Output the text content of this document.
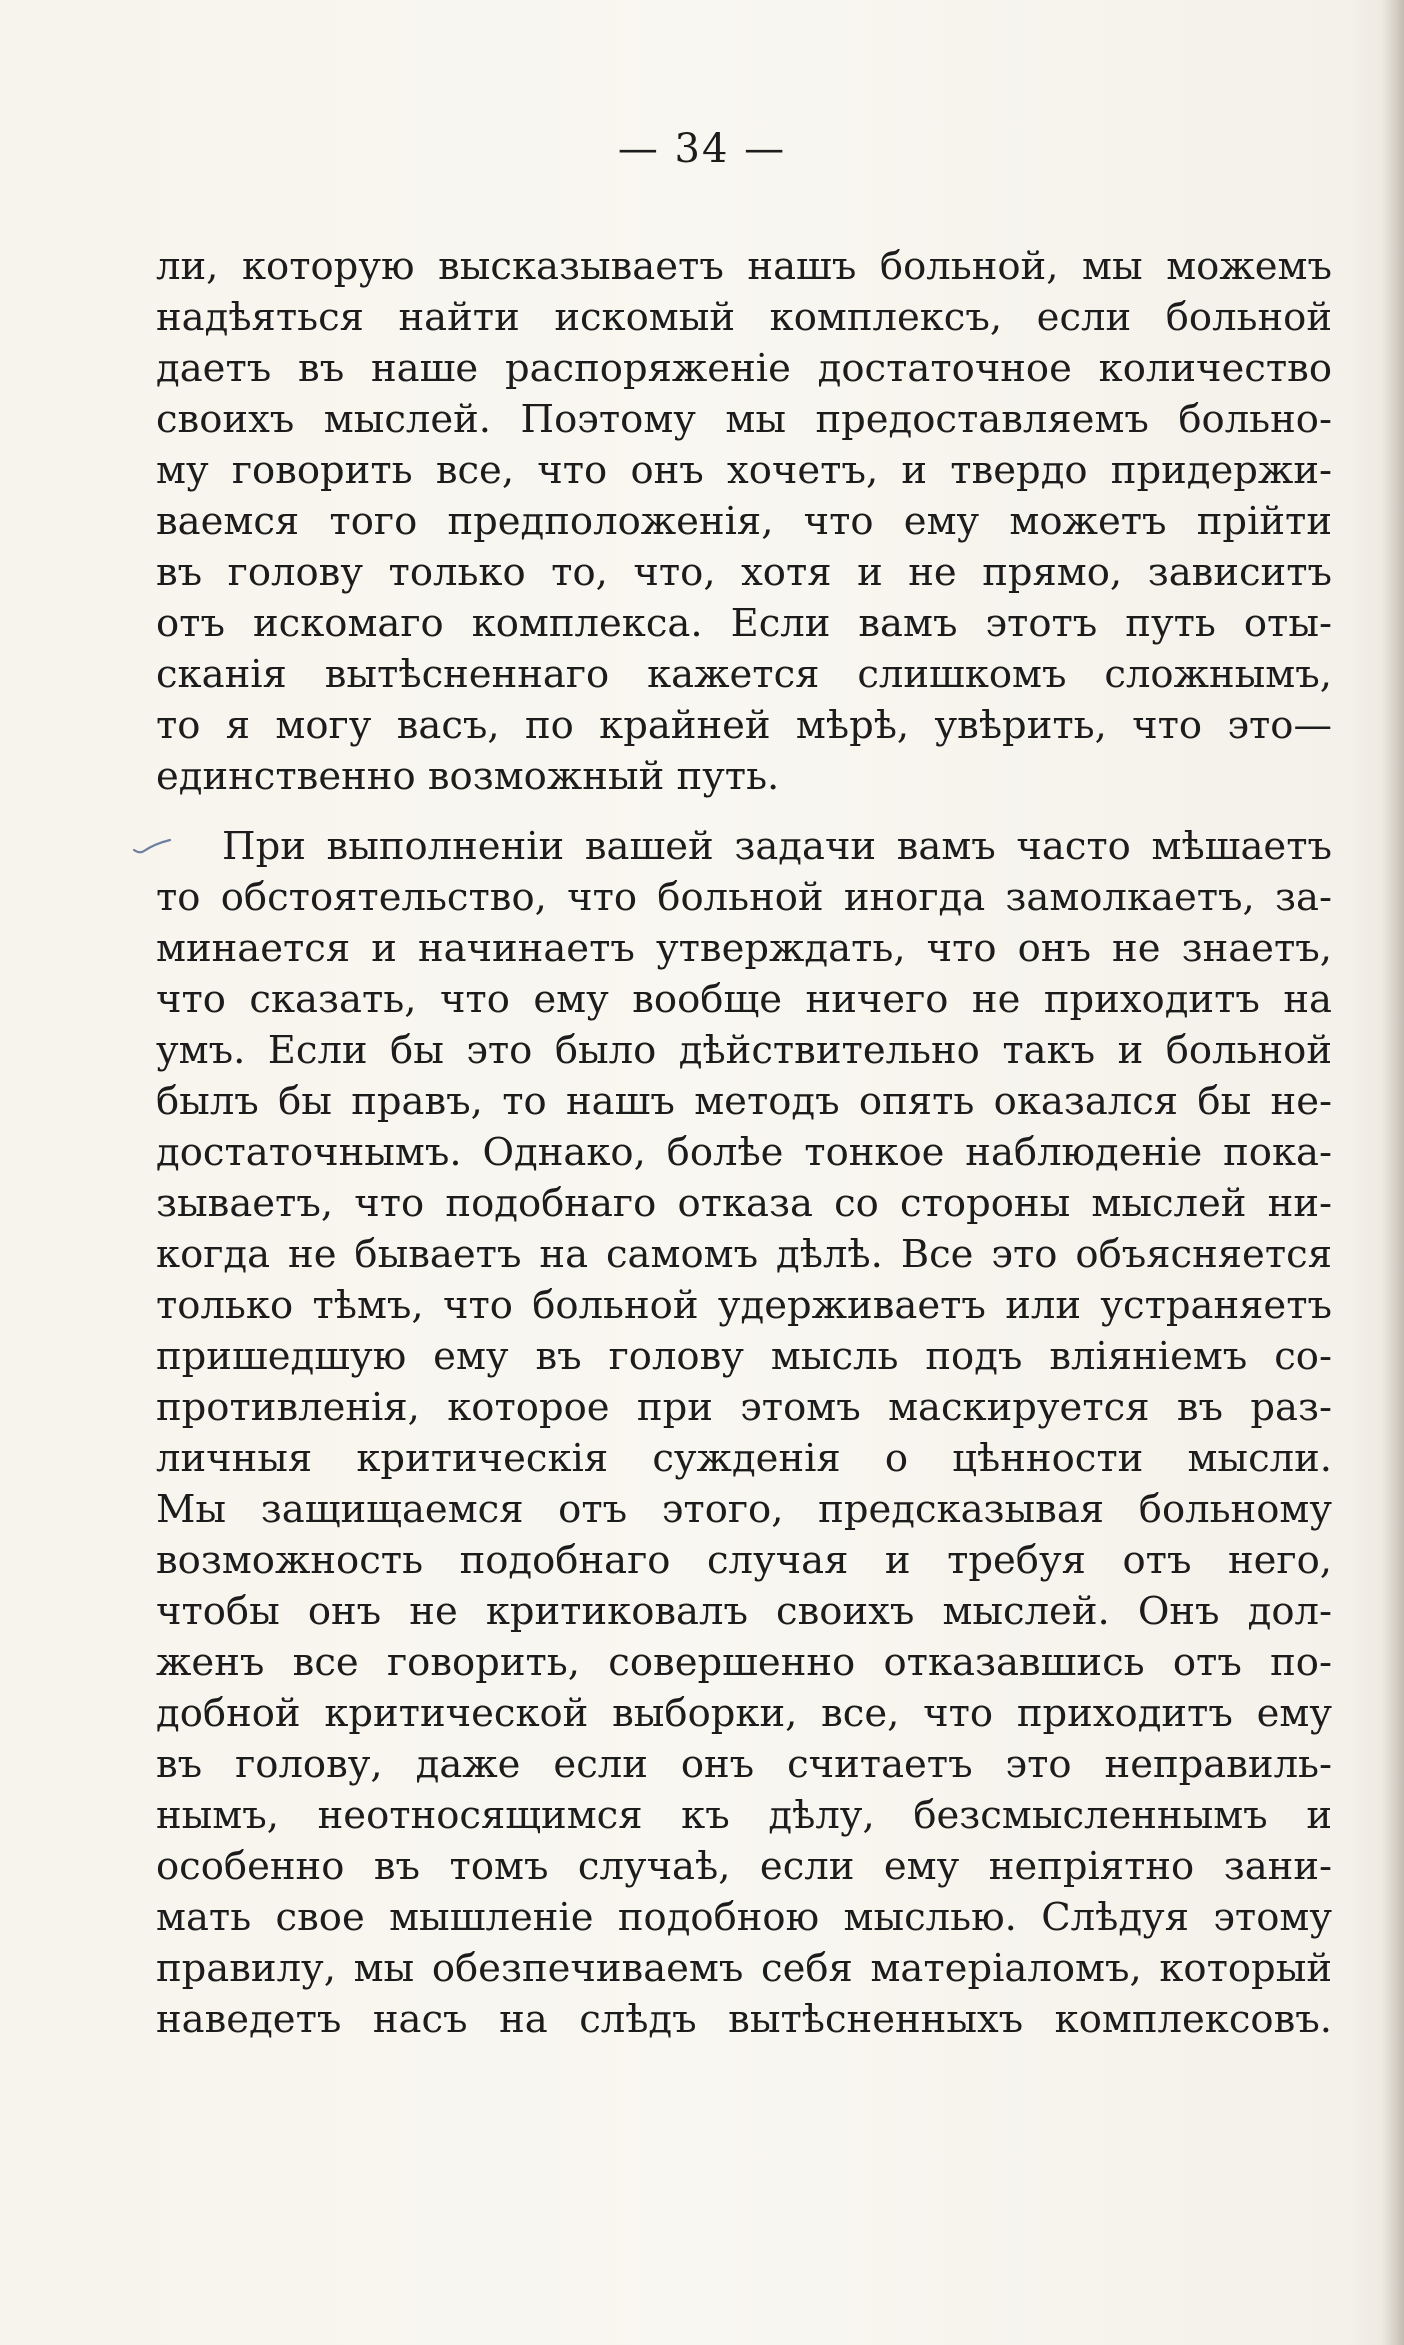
— 34 —
ли, которую высказываетъ нашъ больной, мы можемъ
надѣяться найти искомый комплексъ, если больной
даетъ въ наше распоряженіе достаточное количество
своихъ мыслей. Поэтому мы предоставляемъ больно-
му говорить все, что онъ хочетъ, и твердо придержи-
ваемся того предположенія, что ему можетъ прійти
въ голову только то, что, хотя и не прямо, зависитъ
отъ искомаго комплекса. Если вамъ этотъ путь оты-
сканія вытѣсненнаго кажется слишкомъ сложнымъ,
то я могу васъ, по крайней мѣрѣ, увѣрить, что это—
единственно возможный путь.
При выполненіи вашей задачи вамъ часто мѣшаетъ
то обстоятельство, что больной иногда замолкаетъ, за-
минается и начинаетъ утверждать, что онъ не знаетъ,
что сказать, что ему вообще ничего не приходитъ на
умъ. Если бы это было дѣйствительно такъ и больной
былъ бы правъ, то нашъ методъ опять оказался бы не-
достаточнымъ. Однако, болѣе тонкое наблюденіе пока-
зываетъ, что подобнаго отказа со стороны мыслей ни-
когда не бываетъ на самомъ дѣлѣ. Все это объясняется
только тѣмъ, что больной удерживаетъ или устраняетъ
пришедшую ему въ голову мысль подъ вліяніемъ со-
противленія, которое при этомъ маскируется въ раз-
личныя критическія сужденія о цѣнности мысли.
Мы защищаемся отъ этого, предсказывая больному
возможность подобнаго случая и требуя отъ него,
чтобы онъ не критиковалъ своихъ мыслей. Онъ дол-
женъ все говорить, совершенно отказавшись отъ по-
добной критической выборки, все, что приходитъ ему
въ голову, даже если онъ считаетъ это неправиль-
нымъ, неотносящимся къ дѣлу, безсмысленнымъ и
особенно въ томъ случаѣ, если ему непріятно зани-
мать свое мышленіе подобною мыслью. Слѣдуя этому
правилу, мы обезпечиваемъ себя матеріаломъ, который
наведетъ насъ на слѣдъ вытѣсненныхъ комплексовъ.
